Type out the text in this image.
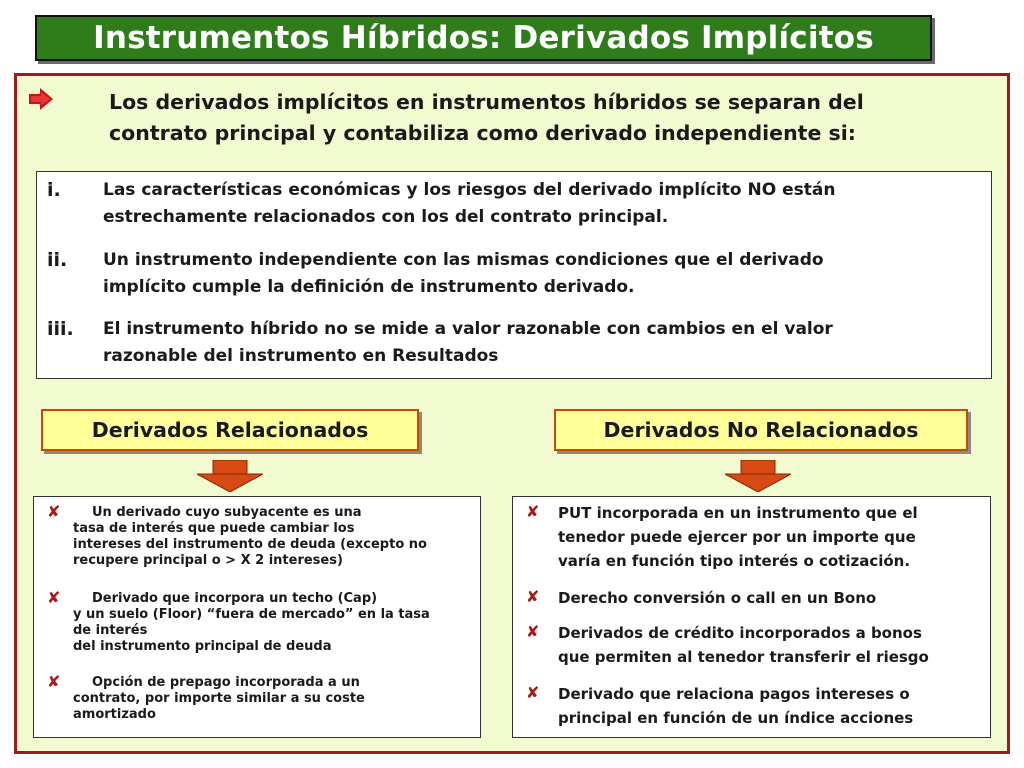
Instrumentos Híbridos: Derivados Implícitos
Los derivados implícitos en instrumentos híbridos se separan del
contrato principal y contabiliza como derivado independiente si:
i. Las características económicas y los riesgos del derivado implícito NO están
estrechamente relacionados con los del contrato principal.
ii. Un instrumento independiente con las mismas condiciones que el derivado
implícito cumple la definición de instrumento derivado.
iii. El instrumento híbrido no se mide a valor razonable con cambios en el valor
razonable del instrumento en Resultados
Derivados Relacionados	Derivados No Relacionados
✘ Un derivado cuyo subyacente es una
tasa de interés que puede cambiar los
intereses del instrumento de deuda (excepto no
recupere principal o > X 2 intereses)
✘ Derivado que incorpora un techo (Cap)
y un suelo (Floor) “fuera de mercado” en la tasa
de interés
del instrumento principal de deuda
✘ Opción de prepago incorporada a un
contrato, por importe similar a su coste
amortizado
✘ PUT incorporada en un instrumento que el
tenedor puede ejercer por un importe que
varía en función tipo interés o cotización.
✘ Derecho conversión o call en un Bono
✘ Derivados de crédito incorporados a bonos
que permiten al tenedor transferir el riesgo
✘ Derivado que relaciona pagos intereses o
principal en función de un índice acciones
